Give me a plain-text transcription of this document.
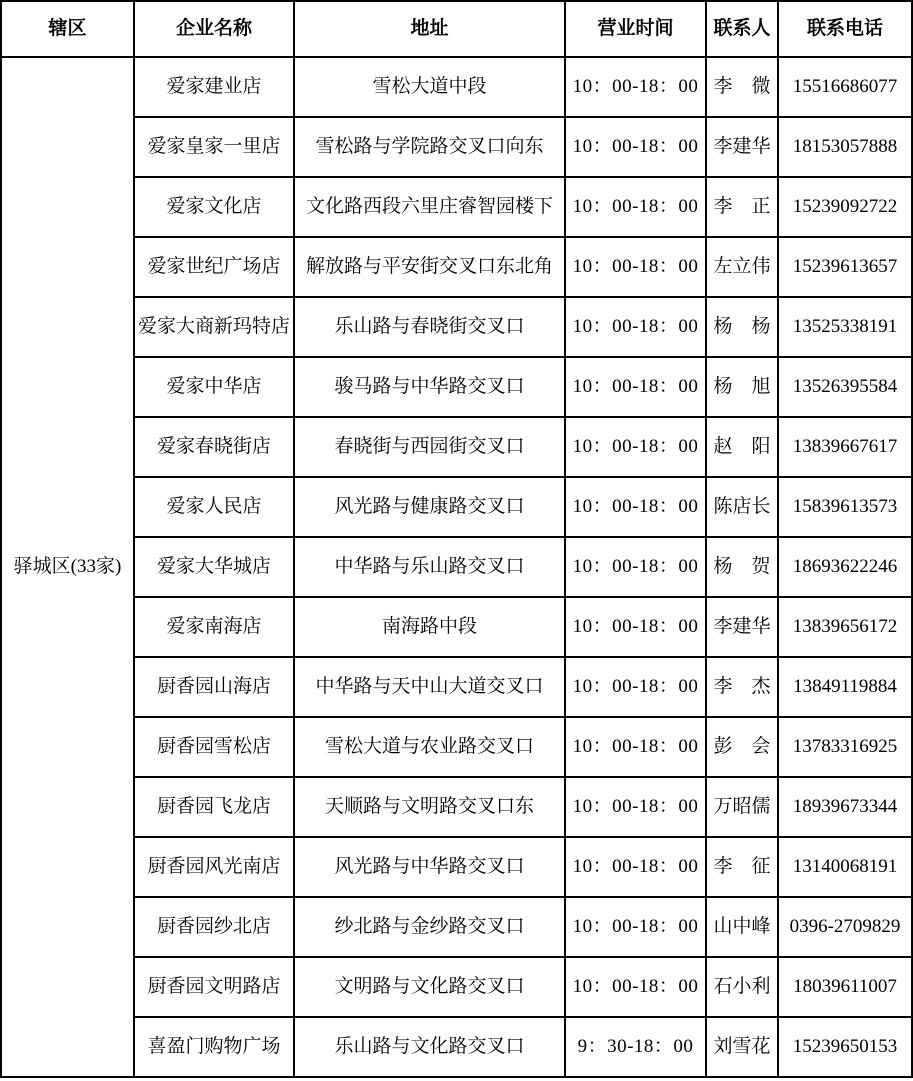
辖区	企业名称	地址	营业时间	联系人	联系电话
驿城区(33家)	爱家建业店	雪松大道中段	10：00-18：00	李　微	15516686077
	爱家皇家一里店	雪松路与学院路交叉口向东	10：00-18：00	李建华	18153057888
	爱家文化店	文化路西段六里庄睿智园楼下	10：00-18：00	李　正	15239092722
	爱家世纪广场店	解放路与平安街交叉口东北角	10：00-18：00	左立伟	15239613657
	爱家大商新玛特店	乐山路与春晓街交叉口	10：00-18：00	杨　杨	13525338191
	爱家中华店	骏马路与中华路交叉口	10：00-18：00	杨　旭	13526395584
	爱家春晓街店	春晓街与西园街交叉口	10：00-18：00	赵　阳	13839667617
	爱家人民店	风光路与健康路交叉口	10：00-18：00	陈店长	15839613573
	爱家大华城店	中华路与乐山路交叉口	10：00-18：00	杨　贺	18693622246
	爱家南海店	南海路中段	10：00-18：00	李建华	13839656172
	厨香园山海店	中华路与天中山大道交叉口	10：00-18：00	李　杰	13849119884
	厨香园雪松店	雪松大道与农业路交叉口	10：00-18：00	彭　会	13783316925
	厨香园飞龙店	天顺路与文明路交叉口东	10：00-18：00	万昭儒	18939673344
	厨香园风光南店	风光路与中华路交叉口	10：00-18：00	李　征	13140068191
	厨香园纱北店	纱北路与金纱路交叉口	10：00-18：00	山中峰	0396-2709829
	厨香园文明路店	文明路与文化路交叉口	10：00-18：00	石小利	18039611007
	喜盈门购物广场	乐山路与文化路交叉口	9：30-18：00	刘雪花	15239650153
